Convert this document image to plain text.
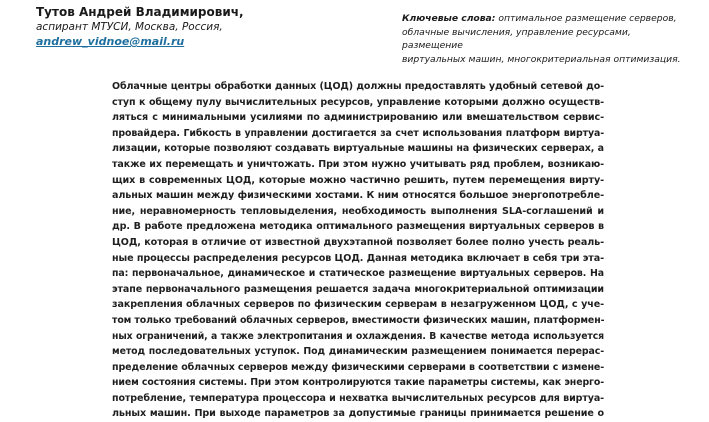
Тутов Андрей Владимирович,
аспирант МТУСИ, Москва, Россия,
andrew_vidnoe@mail.ru
Ключевые слова: оптимальное размещение серверов,
облачные вычисления, управление ресурсами, размещение
виртуальных машин, многокритериальная оптимизация.
Облачные центры обработки данных (ЦОД) должны предоставлять удобный сетевой до-
ступ к общему пулу вычислительных ресурсов, управление которыми должно осуществ-
ляться с минимальными усилиями по администрированию или вмешательством сервис-
провайдера. Гибкость в управлении достигается за счет использования платформ виртуа-
лизации, которые позволяют создавать виртуальные машины на физических серверах, а
также их перемещать и уничтожать. При этом нужно учитывать ряд проблем, возникаю-
щих в современных ЦОД, которые можно частично решить, путем перемещения вирту-
альных машин между физическими хостами. К ним относятся большое энергопотребле-
ние, неравномерность тепловыделения, необходимость выполнения SLA-соглашений и
др. В работе предложена методика оптимального размещения виртуальных серверов в
ЦОД, которая в отличие от известной двухэтапной позволяет более полно учесть реаль-
ные процессы распределения ресурсов ЦОД. Данная методика включает в себя три эта-
па: первоначальное, динамическое и статическое размещение виртуальных серверов. На
этапе первоначального размещения решается задача многокритериальной оптимизации
закрепления облачных серверов по физическим серверам в незагруженном ЦОД, с уче-
том только требований облачных серверов, вместимости физических машин, платформен-
ных ограничений, а также электропитания и охлаждения. В качестве метода используется
метод последовательных уступок. Под динамическим размещением понимается перерас-
пределение облачных серверов между физическими серверами в соответствии с измене-
нием состояния системы. При этом контролируются такие параметры системы, как энерго-
потребление, температура процессора и нехватка вычислительных ресурсов для виртуа-
льных машин. При выходе параметров за допустимые границы принимается решение о
